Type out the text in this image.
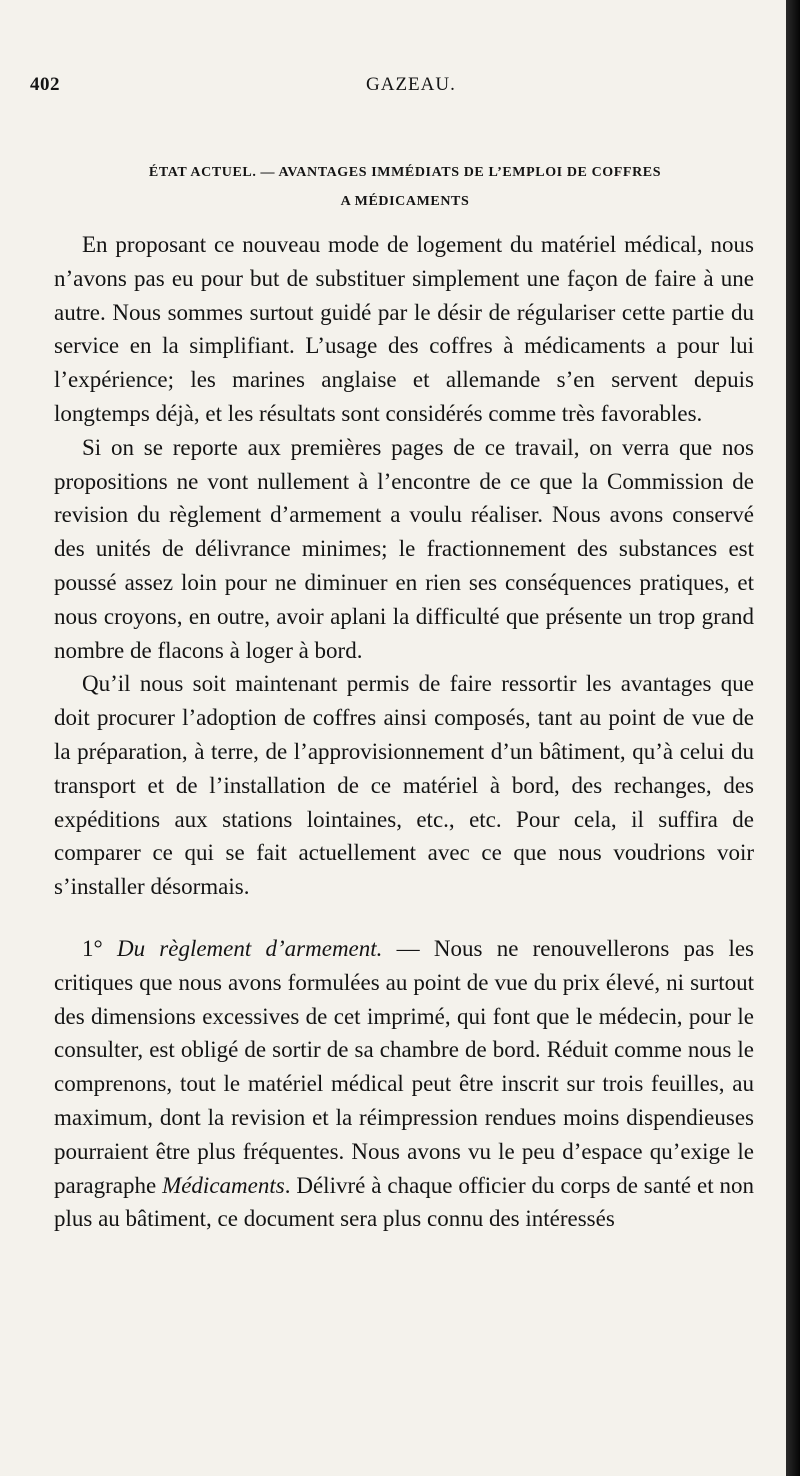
402	GAZEAU.
ÉTAT ACTUEL. — AVANTAGES IMMÉDIATS DE L’EMPLOI DE COFFRES
A MÉDICAMENTS

En proposant ce nouveau mode de logement du matériel médical, nous n’avons pas eu pour but de substituer simplement une façon de faire à une autre. Nous sommes surtout guidé par le désir de régulariser cette partie du service en la simplifiant. L’usage des coffres à médicaments a pour lui l’expérience; les marines anglaise et allemande s’en servent depuis longtemps déjà, et les résultats sont considérés comme très favorables.

Si on se reporte aux premières pages de ce travail, on verra que nos propositions ne vont nullement à l’encontre de ce que la Commission de revision du règlement d’armement a voulu réaliser. Nous avons conservé des unités de délivrance minimes; le fractionnement des substances est poussé assez loin pour ne diminuer en rien ses conséquences pratiques, et nous croyons, en outre, avoir aplani la difficulté que présente un trop grand nombre de flacons à loger à bord.

Qu’il nous soit maintenant permis de faire ressortir les avantages que doit procurer l’adoption de coffres ainsi composés, tant au point de vue de la préparation, à terre, de l’approvisionnement d’un bâtiment, qu’à celui du transport et de l’installation de ce matériel à bord, des rechanges, des expéditions aux stations lointaines, etc., etc. Pour cela, il suffira de comparer ce qui se fait actuellement avec ce que nous voudrions voir s’installer désormais.

1° Du règlement d’armement. — Nous ne renouvellerons pas les critiques que nous avons formulées au point de vue du prix élevé, ni surtout des dimensions excessives de cet imprimé, qui font que le médecin, pour le consulter, est obligé de sortir de sa chambre de bord. Réduit comme nous le comprenons, tout le matériel médical peut être inscrit sur trois feuilles, au maximum, dont la revision et la réimpression rendues moins dispendieuses pourraient être plus fréquentes. Nous avons vu le peu d’espace qu’exige le paragraphe Médicaments. Délivré à chaque officier du corps de santé et non plus au bâtiment, ce document sera plus connu des intéressés
